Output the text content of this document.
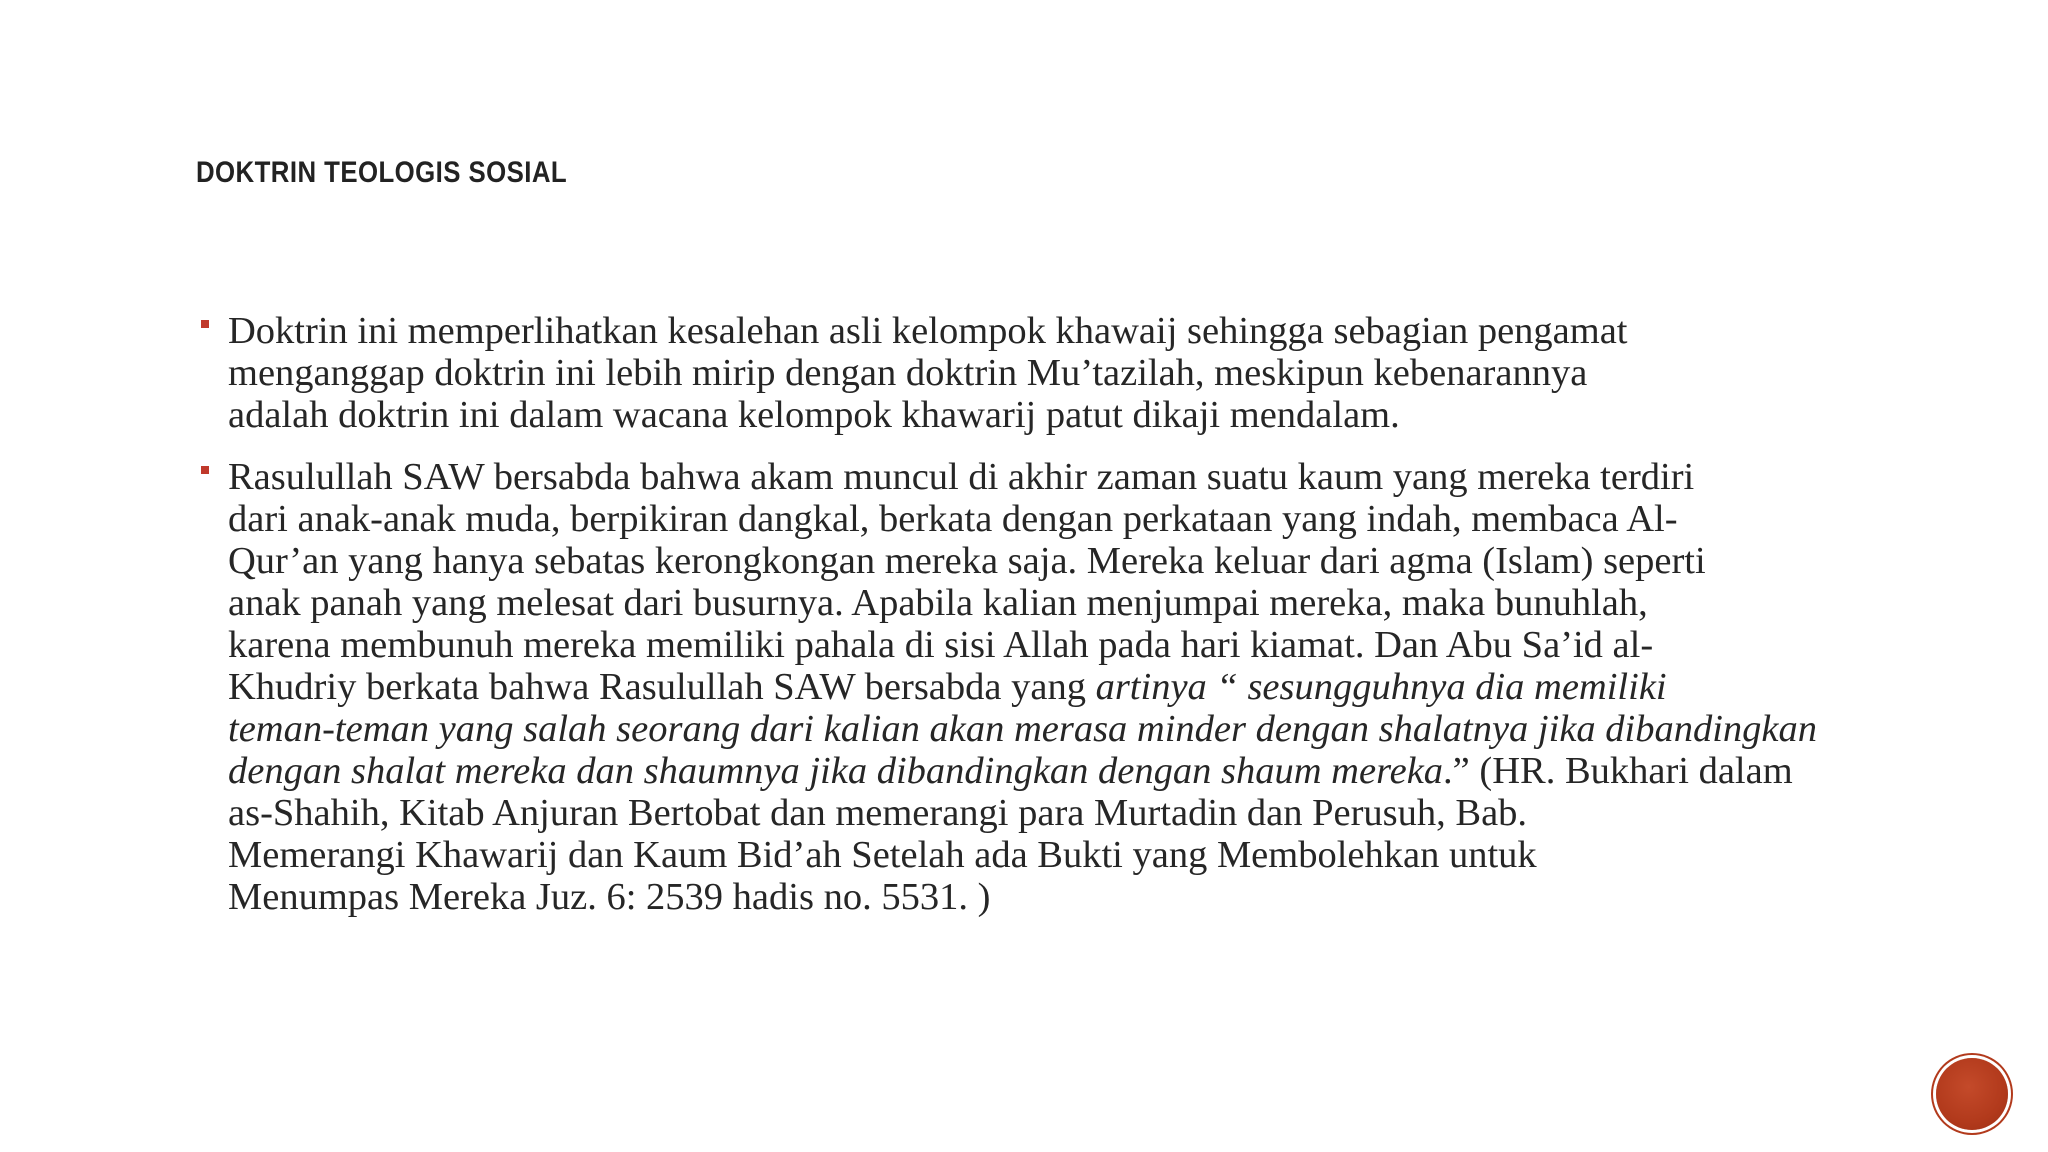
DOKTRIN TEOLOGIS SOSIAL
Doktrin ini memperlihatkan kesalehan asli kelompok khawaij sehingga sebagian pengamat
menganggap doktrin ini lebih mirip dengan doktrin Mu’tazilah, meskipun kebenarannya
adalah doktrin ini dalam wacana kelompok khawarij patut dikaji mendalam.
Rasulullah SAW bersabda bahwa akam muncul di akhir zaman suatu kaum yang mereka terdiri
dari anak-anak muda, berpikiran dangkal, berkata dengan perkataan yang indah, membaca Al-
Qur’an yang hanya sebatas kerongkongan mereka saja. Mereka keluar dari agma (Islam) seperti
anak panah yang melesat dari busurnya. Apabila kalian menjumpai mereka, maka bunuhlah,
karena membunuh mereka memiliki pahala di sisi Allah pada hari kiamat. Dan Abu Sa’id al-
Khudriy berkata bahwa Rasulullah SAW bersabda yang artinya “ sesungguhnya dia memiliki
teman-teman yang salah seorang dari kalian akan merasa minder dengan shalatnya jika dibandingkan
dengan shalat mereka dan shaumnya jika dibandingkan dengan shaum mereka.” (HR. Bukhari dalam
as-Shahih, Kitab Anjuran Bertobat dan memerangi para Murtadin dan Perusuh, Bab.
Memerangi Khawarij dan Kaum Bid’ah Setelah ada Bukti yang Membolehkan untuk
Menumpas Mereka Juz. 6: 2539 hadis no. 5531. )
